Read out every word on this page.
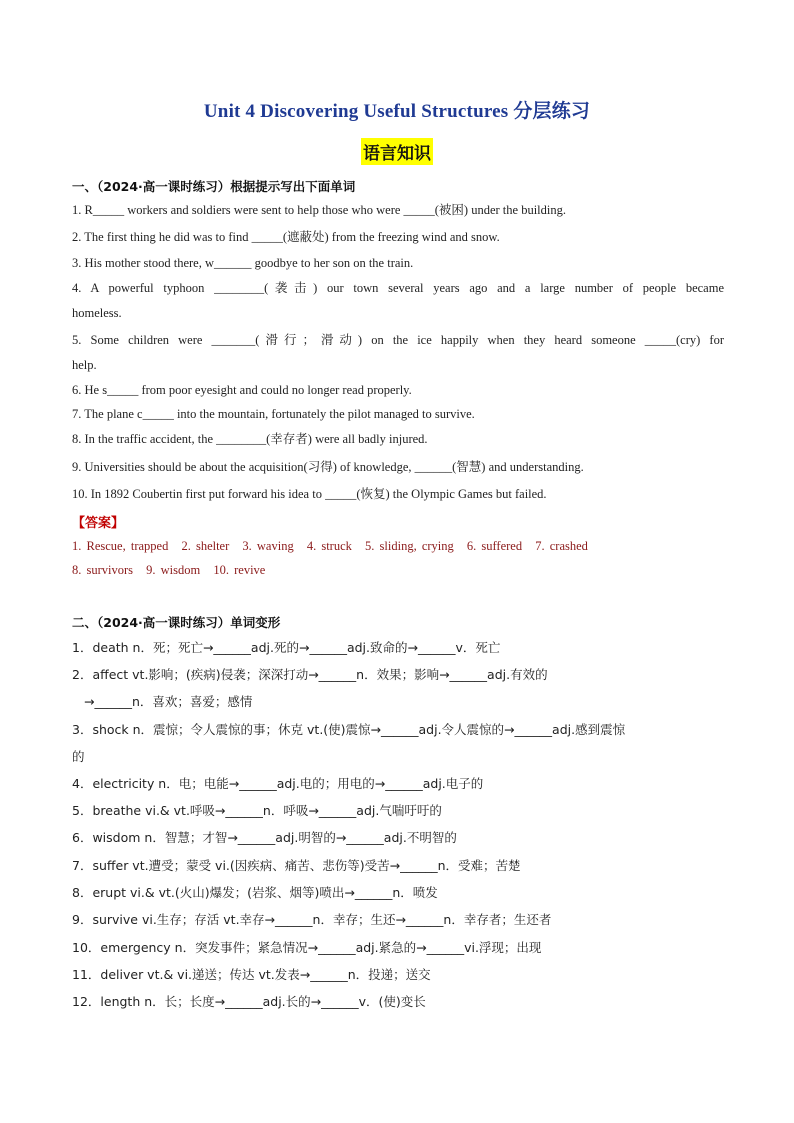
Unit 4 Discovering Useful Structures 分层练习
语言知识
一、（2024·高一课时练习）根据提示写出下面单词
1. R_____ workers and soldiers were sent to help those who were _____(被困) under the building.
2. The first thing he did was to find _____(遮蔽处) from the freezing wind and snow.
3. His mother stood there, w______ goodbye to her son on the train.
4. A powerful typhoon ________(袭击) our town several years ago and a large number of people became
homeless.
5. Some children were _______(滑行；滑动) on the ice happily when they heard someone _____(cry) for
help.
6. He s_____ from poor eyesight and could no longer read properly.
7. The plane c_____ into the mountain, fortunately the pilot managed to survive.
8. In the traffic accident, the ________(幸存者) were all badly injured.
9. Universities should be about the acquisition(习得) of knowledge, ______(智慧) and understanding.
10. In 1892 Coubertin first put forward his idea to _____(恢复) the Olympic Games but failed.
【答案】
1. Rescue, trapped 2. shelter 3. waving 4. struck 5. sliding, crying 6. suffered 7. crashed
8. survivors 9. wisdom 10. revive
二、（2024·高一课时练习）单词变形
1．death n．死；死亡→______adj.死的→______adj.致命的→______v．死亡
2．affect vt.影响；(疾病)侵袭；深深打动→______n．效果；影响→______adj.有效的
→______n．喜欢；喜爱；感情
3．shock n．震惊；令人震惊的事；休克 vt.(使)震惊→______adj.令人震惊的→______adj.感到震惊
的
4．electricity n．电；电能→______adj.电的；用电的→______adj.电子的
5．breathe vi.& vt.呼吸→______n．呼吸→______adj.气喘吁吁的
6．wisdom n．智慧；才智→______adj.明智的→______adj.不明智的
7．suffer vt.遭受；蒙受 vi.(因疾病、痛苦、悲伤等)受苦→______n．受难；苦楚
8．erupt vi.& vt.(火山)爆发；(岩浆、烟等)喷出→______n．喷发
9．survive vi.生存；存活 vt.幸存→______n．幸存；生还→______n．幸存者；生还者
10．emergency n．突发事件；紧急情况→______adj.紧急的→______vi.浮现；出现
11．deliver vt.& vi.递送；传达 vt.发表→______n．投递；送交
12．length n．长；长度→______adj.长的→______v．(使)变长
